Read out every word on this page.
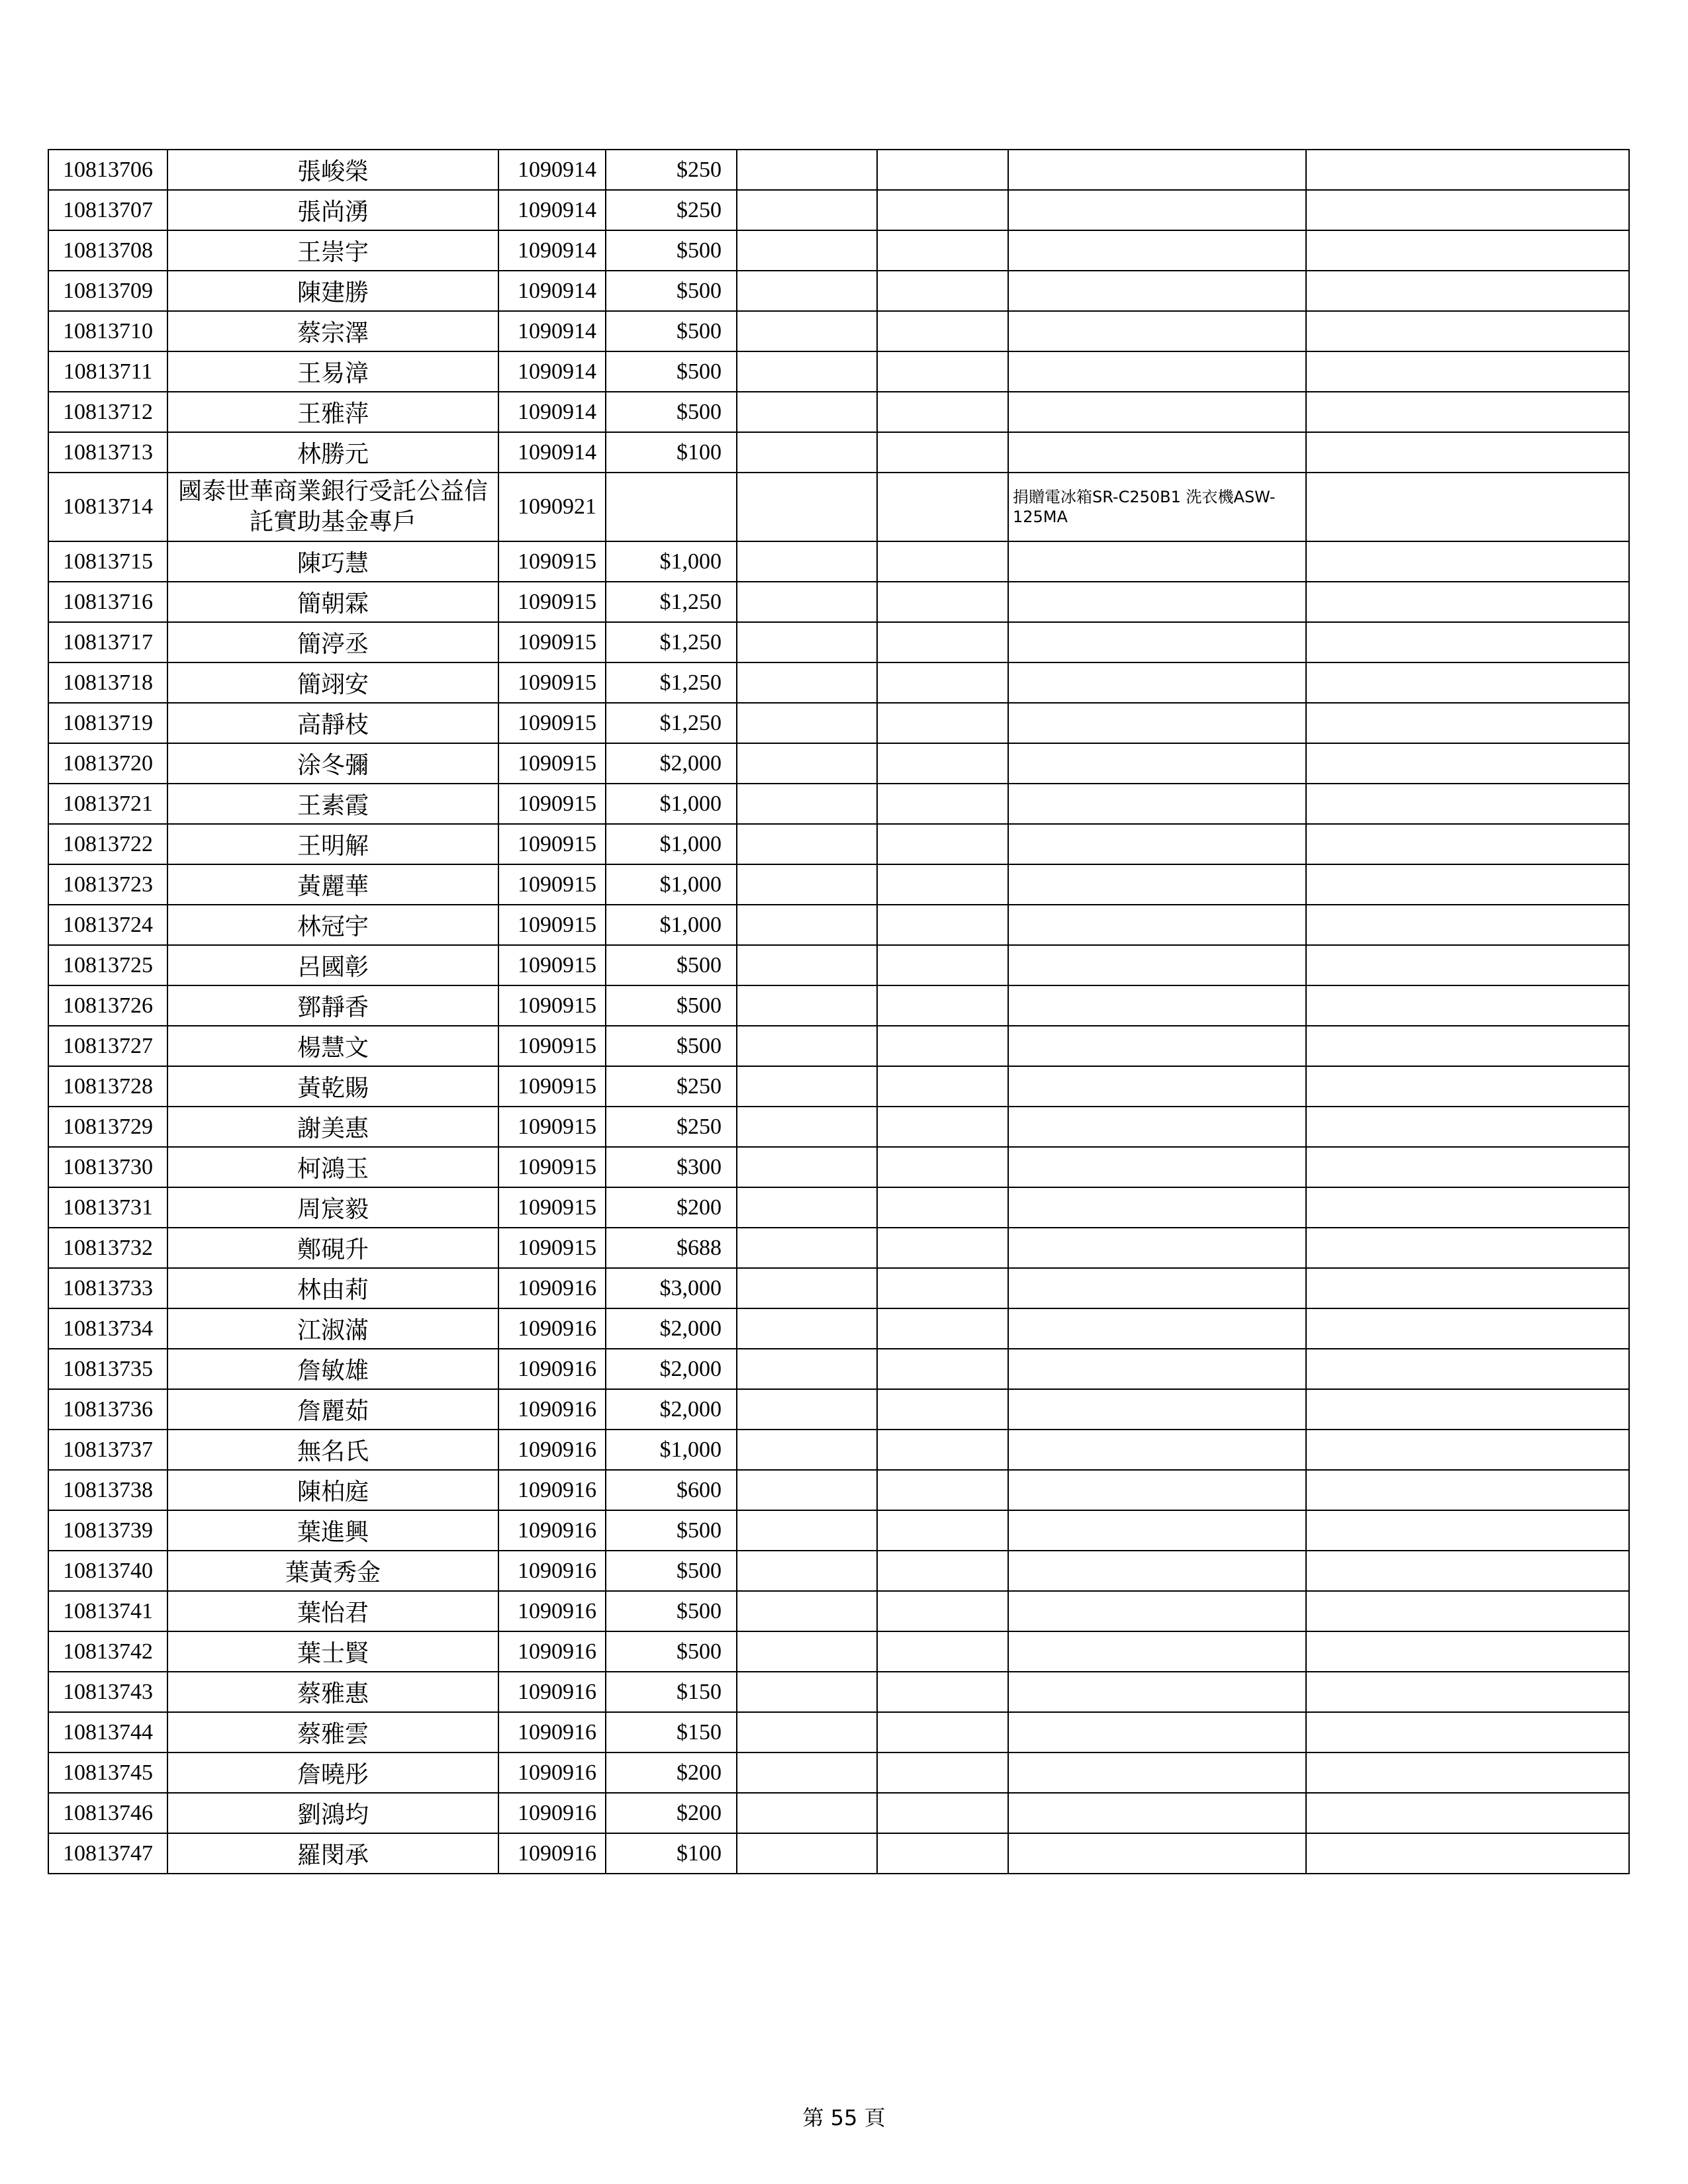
10813706	張峻榮	1090914	$250				
10813707	張尚湧	1090914	$250				
10813708	王崇宇	1090914	$500				
10813709	陳建勝	1090914	$500				
10813710	蔡宗澤	1090914	$500				
10813711	王易漳	1090914	$500				
10813712	王雅萍	1090914	$500				
10813713	林勝元	1090914	$100				
10813714	國泰世華商業銀行受託公益信託實助基金專戶	1090921				捐贈電冰箱SR-C250B1 洗衣機ASW-125MA	
10813715	陳巧慧	1090915	$1,000				
10813716	簡朝霖	1090915	$1,250				
10813717	簡渟丞	1090915	$1,250				
10813718	簡翊安	1090915	$1,250				
10813719	高靜枝	1090915	$1,250				
10813720	涂冬彌	1090915	$2,000				
10813721	王素霞	1090915	$1,000				
10813722	王明解	1090915	$1,000				
10813723	黃麗華	1090915	$1,000				
10813724	林冠宇	1090915	$1,000				
10813725	呂國彰	1090915	$500				
10813726	鄧靜香	1090915	$500				
10813727	楊慧文	1090915	$500				
10813728	黃乾賜	1090915	$250				
10813729	謝美惠	1090915	$250				
10813730	柯鴻玉	1090915	$300				
10813731	周宸毅	1090915	$200				
10813732	鄭硯升	1090915	$688				
10813733	林由莉	1090916	$3,000				
10813734	江淑滿	1090916	$2,000				
10813735	詹敏雄	1090916	$2,000				
10813736	詹麗茹	1090916	$2,000				
10813737	無名氏	1090916	$1,000				
10813738	陳柏庭	1090916	$600				
10813739	葉進興	1090916	$500				
10813740	葉黃秀金	1090916	$500				
10813741	葉怡君	1090916	$500				
10813742	葉士賢	1090916	$500				
10813743	蔡雅惠	1090916	$150				
10813744	蔡雅雲	1090916	$150				
10813745	詹曉彤	1090916	$200				
10813746	劉鴻均	1090916	$200				
10813747	羅閔承	1090916	$100				
第 55 頁
